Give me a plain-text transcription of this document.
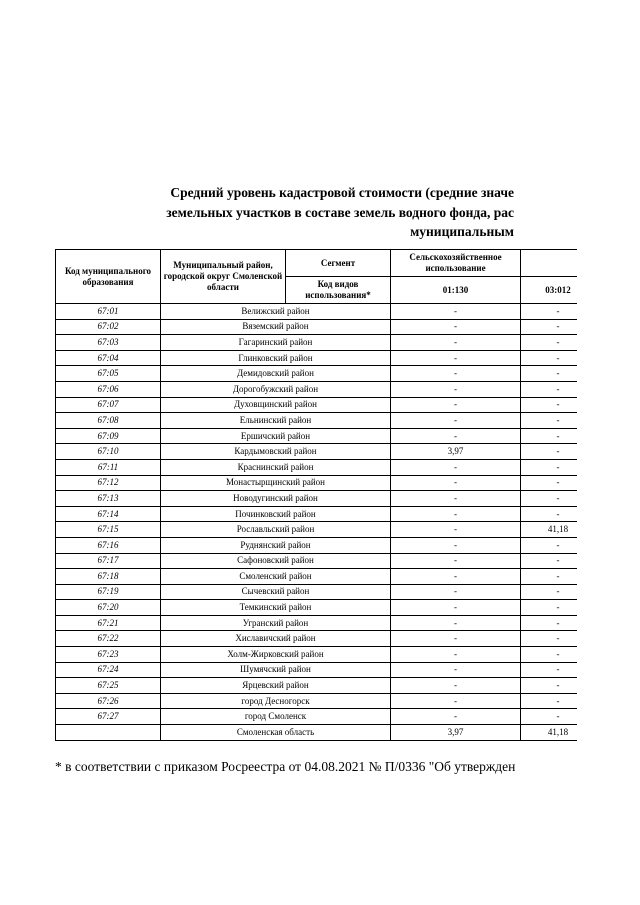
Средний уровень кадастровой стоимости (средние значе
земельных участков в составе земель водного фонда, рас
муниципальным
Код муниципального образования	Муниципальный район, городской округ Смоленской области	Сегмент	Сельскохозяйственное использование	
		Код видов использования*	01:130	03:012
67:01	Велижский район		-	-
67:02	Вяземский район		-	-
67:03	Гагаринский район		-	-
67:04	Глинковский район		-	-
67:05	Демидовский район		-	-
67:06	Дорогобужский район		-	-
67:07	Духовщинский район		-	-
67:08	Ельнинский район		-	-
67:09	Ершичский район		-	-
67:10	Кардымовский район		3,97	-
67:11	Краснинский район		-	-
67:12	Монастырщинский район		-	-
67:13	Новодугинский район		-	-
67:14	Починковский район		-	-
67:15	Рославльский район		-	41,18
67:16	Руднянский район		-	-
67:17	Сафоновский район		-	-
67:18	Смоленский район		-	-
67:19	Сычевский район		-	-
67:20	Темкинский район		-	-
67:21	Угранский район		-	-
67:22	Хиславичский район		-	-
67:23	Холм-Жирковский район		-	-
67:24	Шумячский район		-	-
67:25	Ярцевский район		-	-
67:26	город Десногорск		-	-
67:27	город Смоленск		-	-
	Смоленская область		3,97	41,18
* в соответствии с приказом Росреестра от 04.08.2021 № П/0336 "Об утвержден
